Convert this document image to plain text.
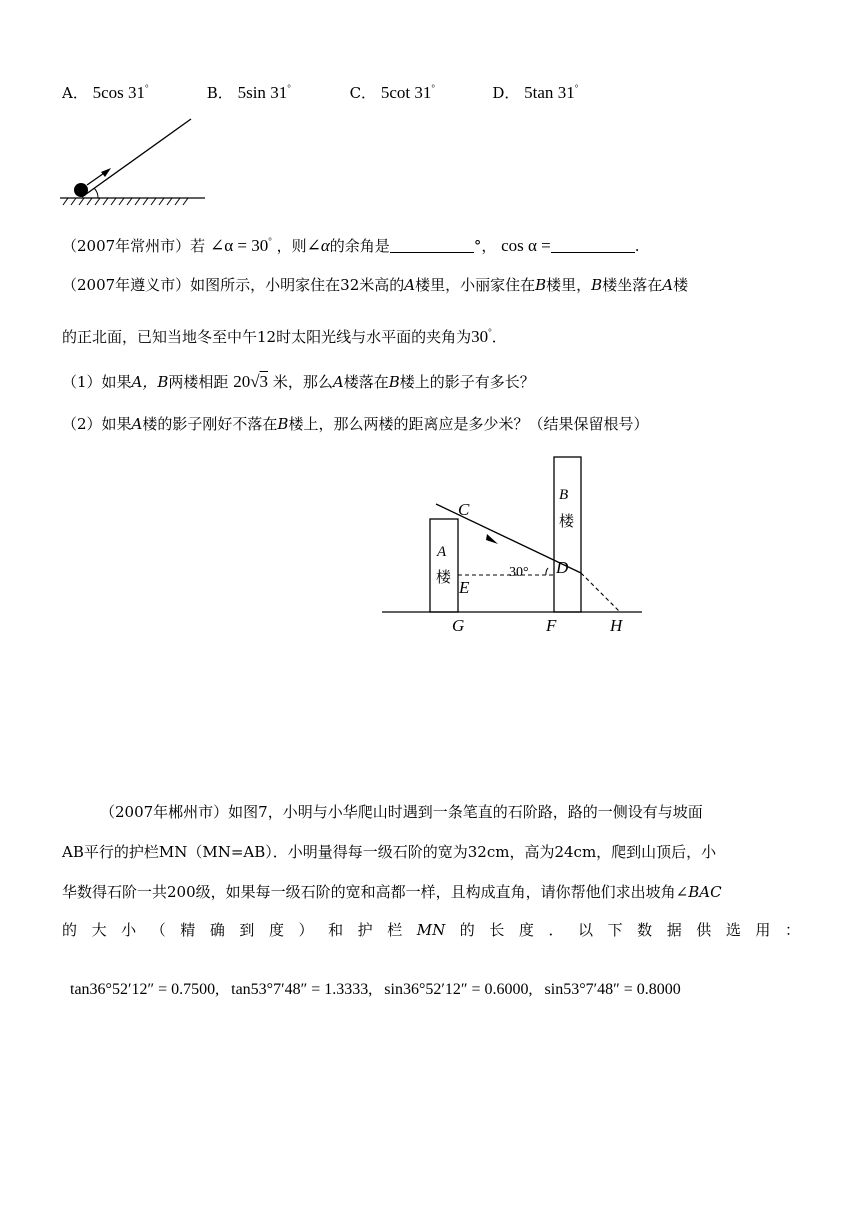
A． 5cos 31°	B． 5sin 31°	C． 5cot 31°	D． 5tan 31°
（2007年常州市）若 ∠α = 30° ，则∠α的余角是	°， cos α =	.
（2007年遵义市）如图所示，小明家住在32米高的A楼里，小丽家住在B楼里，B楼坐落在A楼
的正北面，已知当地冬至中午12时太阳光线与水平面的夹角为30°．
（1）如果A，B两楼相距 20√3 米，那么A楼落在B楼上的影子有多长？
（2）如果A楼的影子刚好不落在B楼上，那么两楼的距离应是多少米？（结果保留根号）
A
楼
B
楼
C
D
E
G	F	H
30°
（2007年郴州市）如图7，小明与小华爬山时遇到一条笔直的石阶路，路的一侧设有与坡面
AB平行的护栏MN（MN=AB）．小明量得每一级石阶的宽为32cm，高为24cm，爬到山顶后，小
华数得石阶一共200级，如果每一级石阶的宽和高都一样，且构成直角，请你帮他们求出坡角∠BAC
的 大 小 （ 精 确 到 度 ） 和 护 栏 MN 的 长 度 ． 以 下 数 据 供 选 用 ：

tan36°52′12″ = 0.7500,   tan53°7′48″ = 1.3333,   sin36°52′12″ = 0.6000,   sin53°7′48″ = 0.8000
